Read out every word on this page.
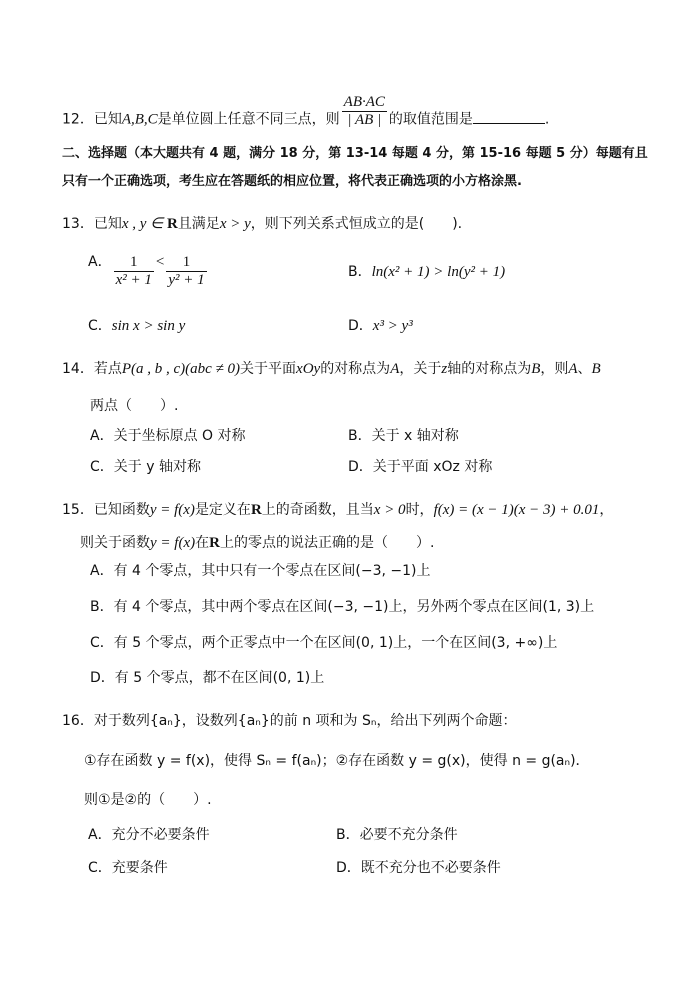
12．已知A,B,C是单位圆上任意不同三点，则 $\frac{AB\cdot AC}{| AB |}$ 的取值范围是	.
二、选择题（本大题共有 4 题，满分 18 分，第 13-14 每题 4 分，第 15-16 每题 5 分）每题有且
只有一个正确选项，考生应在答题纸的相应位置，将代表正确选项的小方格涂黑.
13．已知x , y ∈ R且满足x > y，则下列关系式恒成立的是(　　).
A． $\frac{1}{\text{x² + 1}} < \frac{1}{\text{y² + 1}}$	B．ln(x² + 1) > ln(y² + 1)
C．sin x > sin y	D．x³ > y³
14．若点P(a , b , c)(abc ≠ 0)关于平面xOy的对称点为A，关于z轴的对称点为B，则A、B
两点（　　）.
A．关于坐标原点 O 对称	B．关于 x 轴对称
C．关于 y 轴对称	D．关于平面 xOz 对称
15．已知函数y = f(x)是定义在R上的奇函数，且当x > 0时，f(x) = (x − 1)(x − 3) + 0.01，
则关于函数y = f(x)在R上的零点的说法正确的是（　　）.
A．有 4 个零点，其中只有一个零点在区间(−3, −1)上
B．有 4 个零点，其中两个零点在区间(−3, −1)上，另外两个零点在区间(1, 3)上
C．有 5 个零点，两个正零点中一个在区间(0, 1)上，一个在区间(3, +∞)上
D．有 5 个零点，都不在区间(0, 1)上
16．对于数列{aₙ}，设数列{aₙ}的前 n 项和为 Sₙ，给出下列两个命题：
①存在函数 y = f(x)，使得 Sₙ = f(aₙ)；②存在函数 y = g(x)，使得 n = g(aₙ)．
则①是②的（　　）.
A．充分不必要条件	B．必要不充分条件
C．充要条件	D．既不充分也不必要条件
